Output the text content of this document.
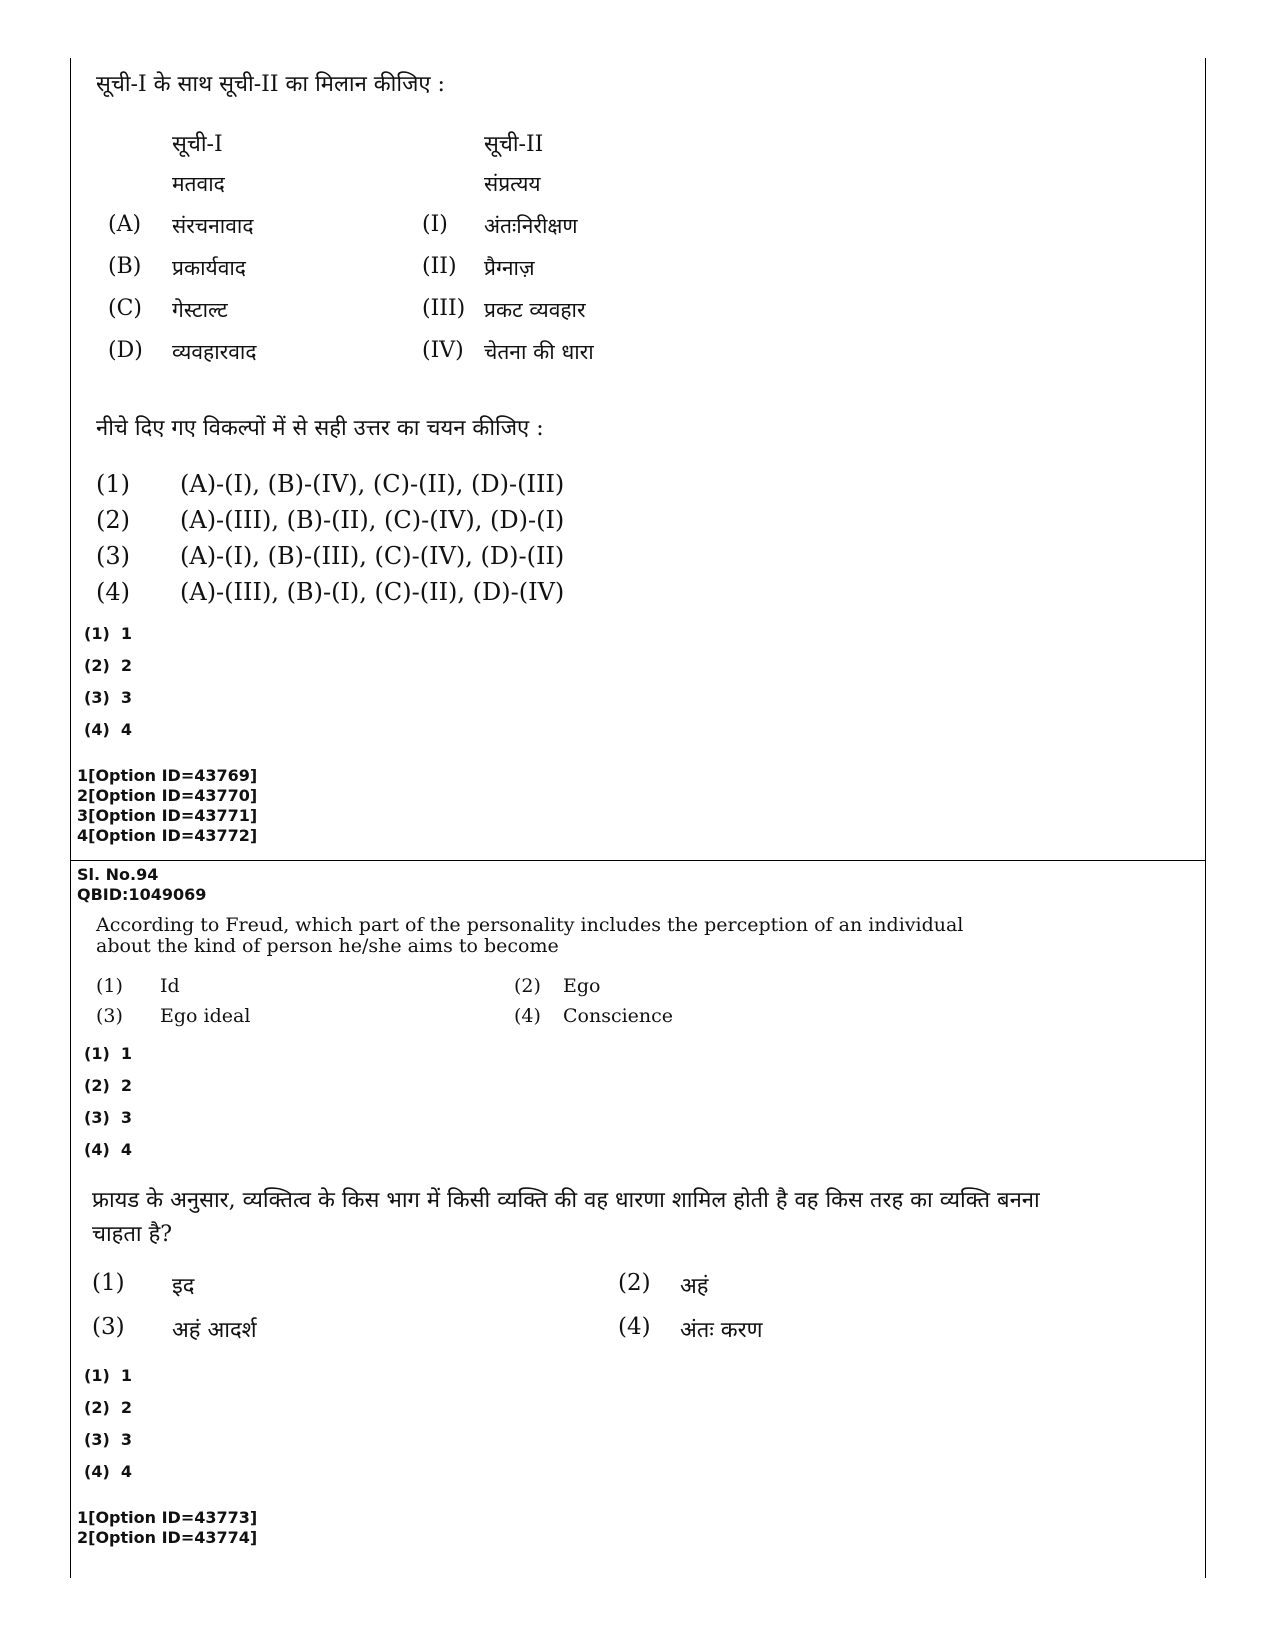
सूची-I के साथ सूची-II का मिलान कीजिए :
सूची-I	सूची-II
मतवाद	संप्रत्यय
(A) संरचनावाद	(I) अंतःनिरीक्षण
(B) प्रकार्यवाद	(II) प्रैग्नाज़
(C) गेस्टाल्ट	(III) प्रकट व्यवहार
(D) व्यवहारवाद	(IV) चेतना की धारा
नीचे दिए गए विकल्पों में से सही उत्तर का चयन कीजिए :
(1) (A)-(I), (B)-(IV), (C)-(II), (D)-(III)
(2) (A)-(III), (B)-(II), (C)-(IV), (D)-(I)
(3) (A)-(I), (B)-(III), (C)-(IV), (D)-(II)
(4) (A)-(III), (B)-(I), (C)-(II), (D)-(IV)
(1)  1
(2)  2
(3)  3
(4)  4
1[Option ID=43769]
2[Option ID=43770]
3[Option ID=43771]
4[Option ID=43772]
Sl. No.94
QBID:1049069
According to Freud, which part of the personality includes the perception of an individual
about the kind of person he/she aims to become
(1) Id	(2) Ego
(3) Ego ideal	(4) Conscience
(1)  1
(2)  2
(3)  3
(4)  4
फ्रायड के अनुसार, व्यक्तित्व के किस भाग में किसी व्यक्ति की वह धारणा शामिल होती है वह किस तरह का व्यक्ति बनना
चाहता है?
(1) इद	(2) अहं
(3) अहं आदर्श	(4) अंतः करण
(1)  1
(2)  2
(3)  3
(4)  4
1[Option ID=43773]
2[Option ID=43774]
